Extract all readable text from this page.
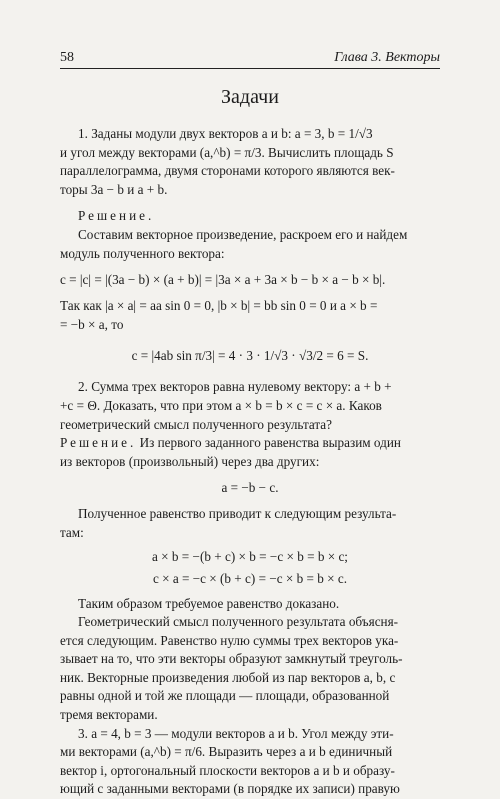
58	Глава 3. Векторы
Задачи

1. Заданы модули двух векторов a и b: a = 3, b = 1/√3

и угол между векторами (a,^b) = π/3. Вычислить площадь S

параллелограмма, двумя сторонами которого являются век-

торы 3a − b и a + b.

Решение.

Составим векторное произведение, раскроем его и найдем

модуль полученного вектора:

c = |c| = |(3a − b) × (a + b)| = |3a × a + 3a × b − b × a − b × b|.

Так как |a × a| = aa sin 0 = 0, |b × b| = bb sin 0 = 0 и a × b =

= −b × a, то

c = |4ab sin π/3| = 4 · 3 · 1/√3 · √3/2 = 6 = S.

2. Сумма трех векторов равна нулевому вектору: a + b +

+c = Θ. Доказать, что при этом a × b = b × c = c × a. Каков

геометрический смысл полученного результата?

Решение. Из первого заданного равенства выразим один

из векторов (произвольный) через два других:

a = −b − c.

Полученное равенство приводит к следующим результа-

там:

a × b = −(b + c) × b = −c × b = b × c;
c × a = −c × (b + c) = −c × b = b × c.

Таким образом требуемое равенство доказано.

Геометрический смысл полученного результата объясня-

ется следующим. Равенство нулю суммы трех векторов ука-

зывает на то, что эти векторы образуют замкнутый треуголь-

ник. Векторные произведения любой из пар векторов a, b, c

равны одной и той же площади — площади, образованной

тремя векторами.

3. a = 4, b = 3 — модули векторов a и b. Угол между эти-

ми векторами (a,^b) = π/6. Выразить через a и b единичный

вектор i, ортогональный плоскости векторов a и b и образу-

ющий с заданными векторами (в порядке их записи) правую
